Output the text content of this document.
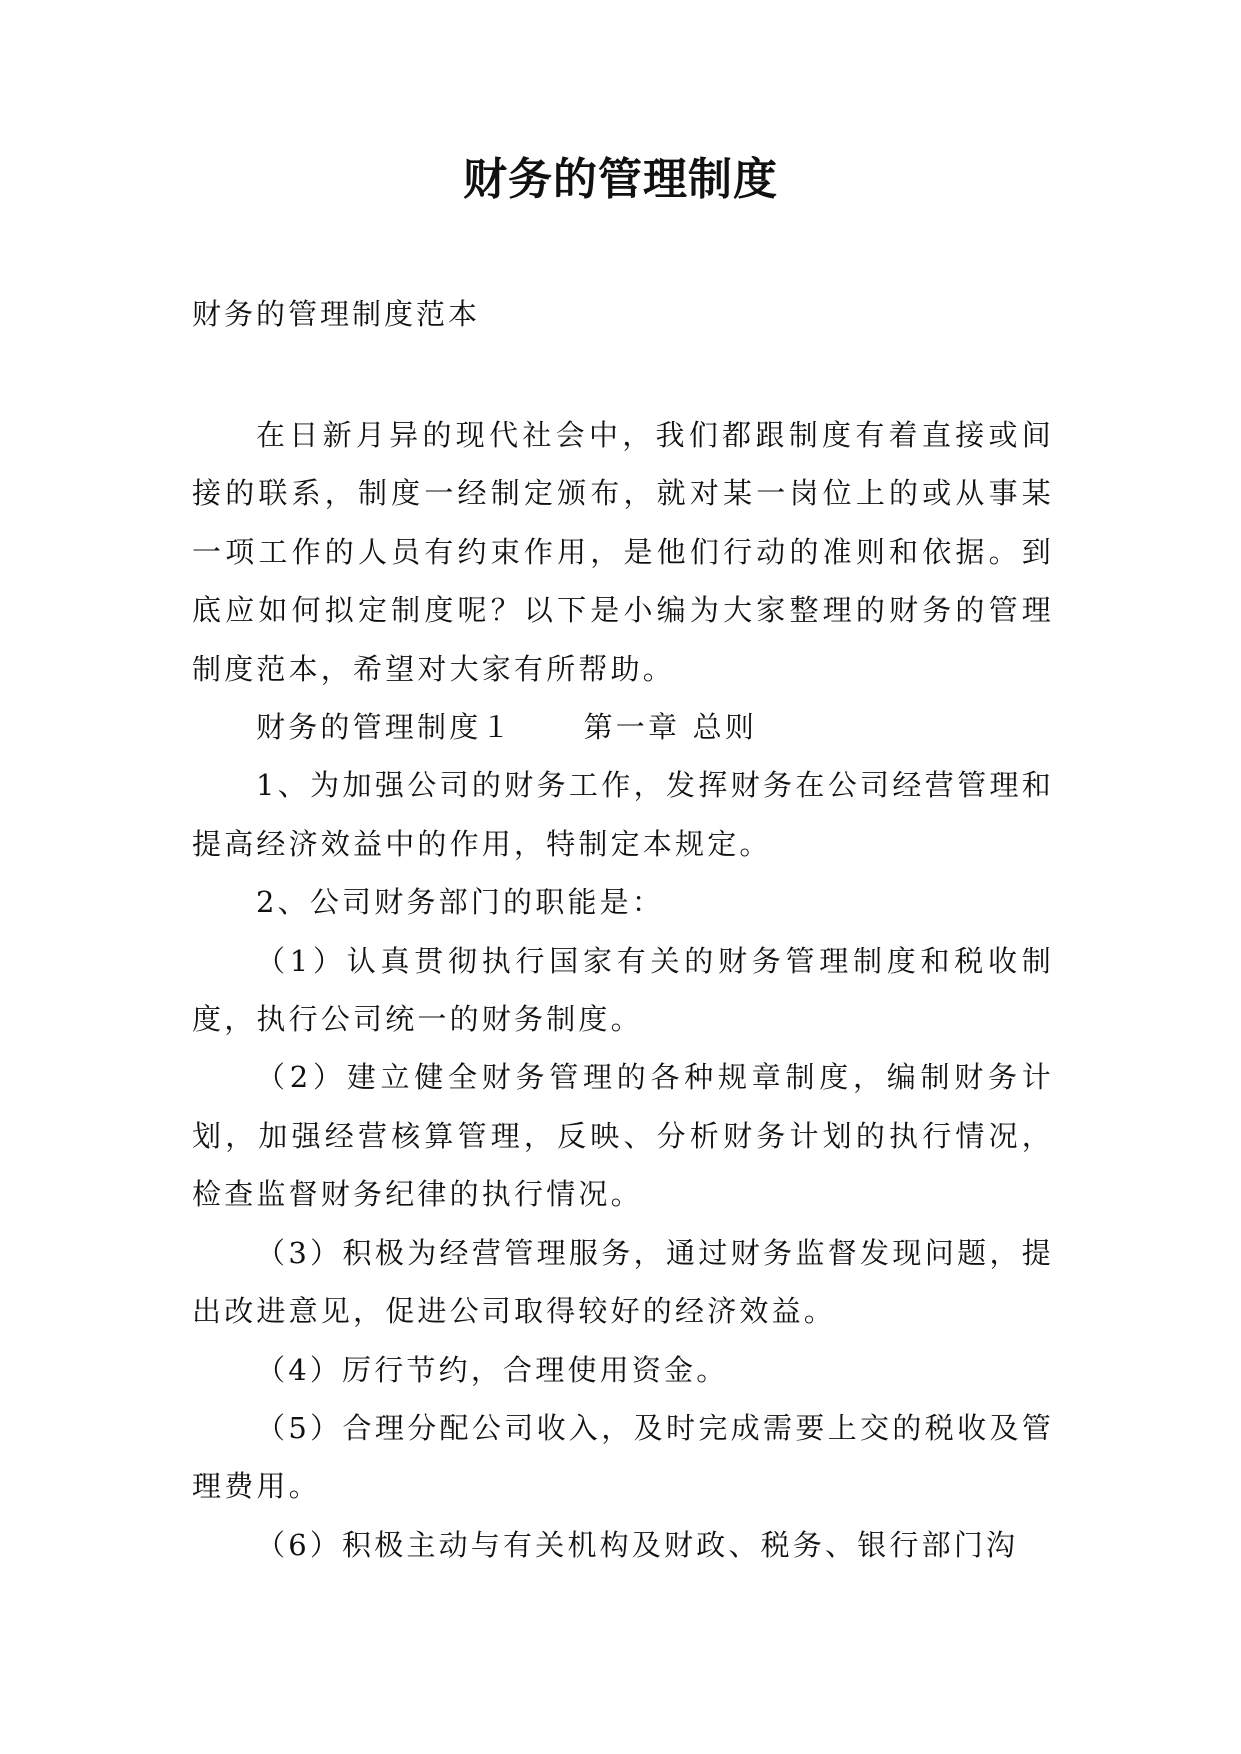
财务的管理制度

财务的管理制度范本

在日新月异的现代社会中，我们都跟制度有着直接或间接的联系，制度一经制定颁布，就对某一岗位上的或从事某一项工作的人员有约束作用，是他们行动的准则和依据。到底应如何拟定制度呢？以下是小编为大家整理的财务的管理制度范本，希望对大家有所帮助。

财务的管理制度１ 第一章 总则

1、为加强公司的财务工作，发挥财务在公司经营管理和提高经济效益中的作用，特制定本规定。

2、公司财务部门的职能是：

（1）认真贯彻执行国家有关的财务管理制度和税收制度，执行公司统一的财务制度。

（2）建立健全财务管理的各种规章制度，编制财务计划，加强经营核算管理，反映、分析财务计划的执行情况，检查监督财务纪律的执行情况。

（3）积极为经营管理服务，通过财务监督发现问题，提出改进意见，促进公司取得较好的经济效益。

（4）厉行节约，合理使用资金。

（5）合理分配公司收入，及时完成需要上交的税收及管理费用。

（6）积极主动与有关机构及财政、税务、银行部门沟
